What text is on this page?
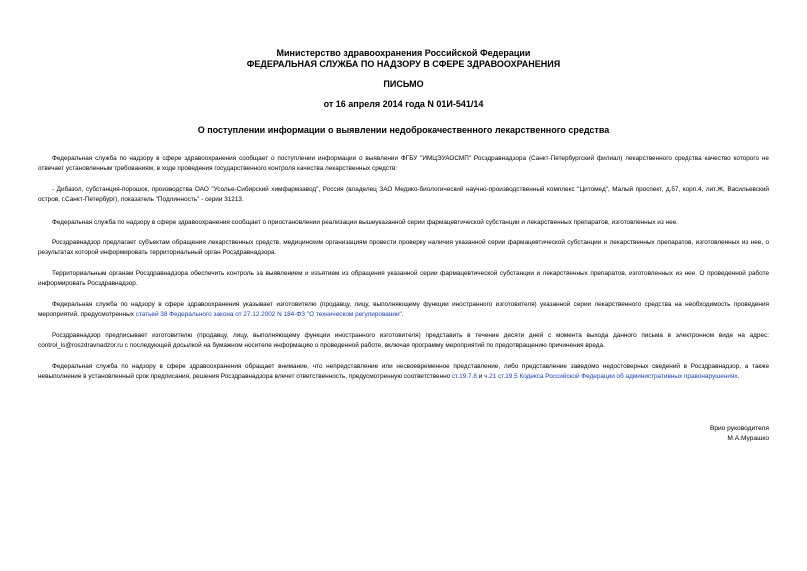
Министерство здравоохранения Российской Федерации
ФЕДЕРАЛЬНАЯ СЛУЖБА ПО НАДЗОРУ В СФЕРЕ ЗДРАВООХРАНЕНИЯ
ПИСЬМО
от 16 апреля 2014 года N 01И-541/14
О поступлении информации о выявлении недоброкачественного лекарственного средства

Федеральная служба по надзору в сфере здравоохранения сообщает о поступлении информации о выявлении ФГБУ "ИМЦЭУАОСМП" Росздравнадзора (Санкт-Петербургский филиал) лекарственного средства качество которого не отвечает установленным требованиям, в ходе проведения государственного контроля качества лекарственных средств:

- Дибазол, субстанция-порошок, производства ОАО "Усолье-Сибирский химфармзавод", Россия (владелец ЗАО Медико-биологический научно-производственный комплекс "Цитомед", Малый проспект, д.57, корп.4, лит.Ж, Васильевский остров, г.Санкт-Петербург), показатель "Подлинность" - серии 31213.

Федеральная служба по надзору в сфере здравоохранения сообщает о приостановлении реализации вышеуказанной серии фармацевтической субстанции и лекарственных препаратов, изготовленных из нее.

Росздравнадзор предлагает субъектам обращения лекарственных средств, медицинским организациям провести проверку наличия указанной серии фармацевтической субстанции и лекарственных препаратов, изготовленных из нее, о результатах которой информировать территориальный орган Росздравнадзора.

Территориальным органам Росздравнадзора обеспечить контроль за выявлением и изъятием из обращения указанной серии фармацевтической субстанции и лекарственных препаратов, изготовленных из нее. О проведенной работе информировать Росздравнадзор.

Федеральная служба по надзору в сфере здравоохранения указывает изготовителю (продавцу, лицу, выполняющему функции иностранного изготовителя) указанной серии лекарственного средства на необходимость проведения мероприятий, предусмотренных статьей 38 Федерального закона от 27.12.2002 N 184-ФЗ "О техническом регулировании".

Росздравнадзор предписывает изготовителю (продавцу, лицу, выполняющему функции иностранного изготовителя) представить в течение десяти дней с момента выхода данного письма в электронном виде на адрес: control_ls@roszdravnadzor.ru с последующей досылкой на бумажном носителе информацию о проведенной работе, включая программу мероприятий по предотвращению причинения вреда.

Федеральная служба по надзору в сфере здравоохранения обращает внимание, что непредставление или несвоевременное представление, либо представление заведомо недостоверных сведений в Росздравнадзор, а также невыполнение в установленный срок предписания, решения Росздравнадзора влечет ответственность, предусмотренную соответственно ст.19.7.8 и ч.21 ст.19.5 Кодекса Российской Федерации об административных правонарушениях.

Врио руководителя
М.А.Мурашко
